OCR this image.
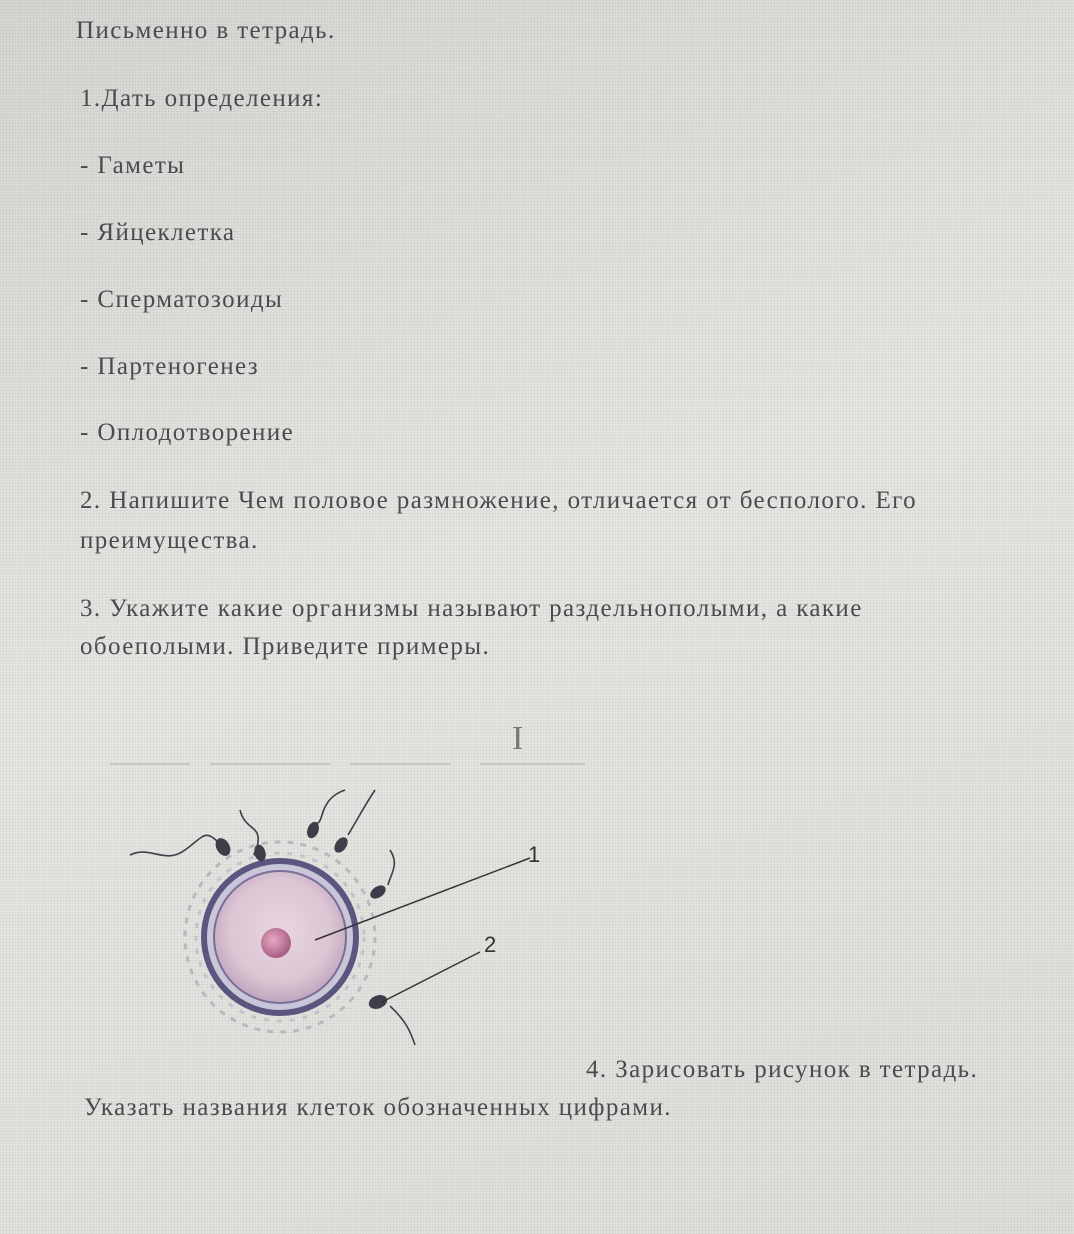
Письменно в тетрадь.
1.Дать определения:
- Гаметы
- Яйцеклетка
- Сперматозоиды
- Партеногенез
- Оплодотворение
2. Напишите Чем половое размножение, отличается от бесполого. Его
преимущества.
3. Укажите какие организмы называют раздельнополыми, а какие
обоеполыми. Приведите примеры.
I
1
2
4. Зарисовать рисунок в тетрадь.
Указать названия клеток обозначенных цифрами.
